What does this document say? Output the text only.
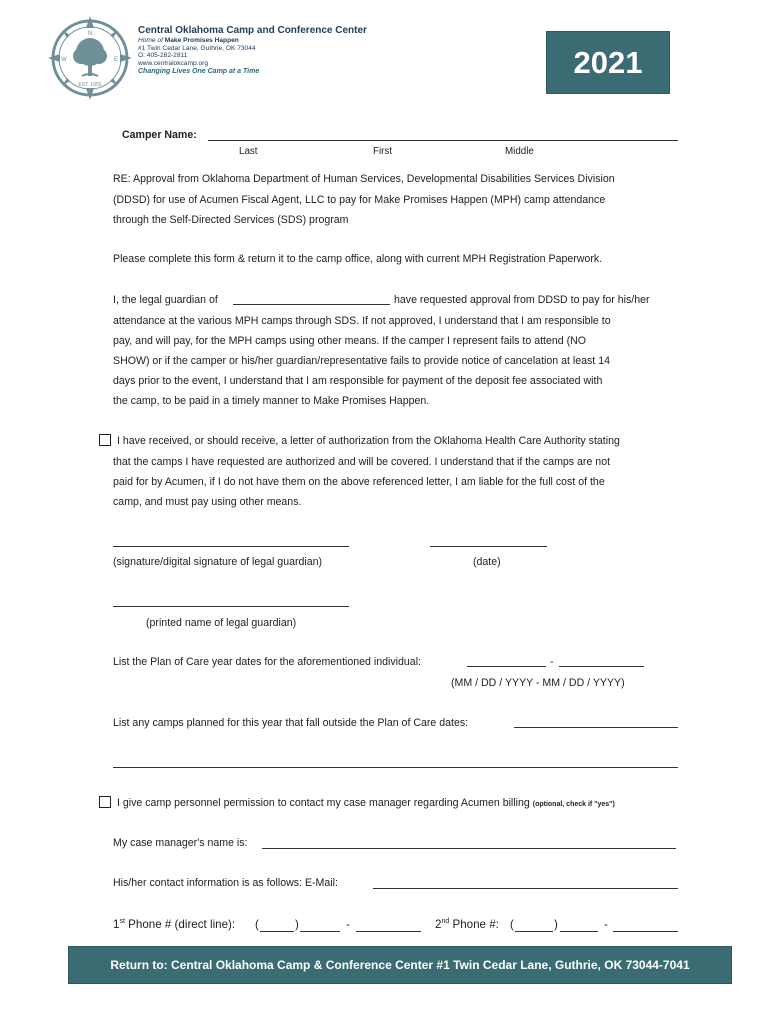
N
W	E
EST. 1955
Central Oklahoma Camp and Conference Center
Home of Make Promises Happen
#1 Twin Cedar Lane, Guthrie, OK 73044
O: 405-282-2811
www.centralokcamp.org
Changing Lives One Camp at a Time	2021
Camper Name:
Last	First	Middle
RE: Approval from Oklahoma Department of Human Services, Developmental Disabilities Services Division
(DDSD) for use of Acumen Fiscal Agent, LLC to pay for Make Promises Happen (MPH) camp attendance
through the Self-Directed Services (SDS) program
Please complete this form & return it to the camp office, along with current MPH Registration Paperwork.
I, the legal guardian of	have requested approval from DDSD to pay for his/her
attendance at the various MPH camps through SDS. If not approved, I understand that I am responsible to
pay, and will pay, for the MPH camps using other means. If the camper I represent fails to attend (NO
SHOW) or if the camper or his/her guardian/representative fails to provide notice of cancelation at least 14
days prior to the event, I understand that I am responsible for payment of the deposit fee associated with
the camp, to be paid in a timely manner to Make Promises Happen.
I have received, or should receive, a letter of authorization from the Oklahoma Health Care Authority stating
that the camps I have requested are authorized and will be covered. I understand that if the camps are not
paid for by Acumen, if I do not have them on the above referenced letter, I am liable for the full cost of the
camp, and must pay using other means.
(signature/digital signature of legal guardian)	(date)
(printed name of legal guardian)
List the Plan of Care year dates for the aforementioned individual:	-
(MM / DD / YYYY - MM / DD / YYYY)
List any camps planned for this year that fall outside the Plan of Care dates:
I give camp personnel permission to contact my case manager regarding Acumen billing (optional, check if "yes")
My case manager's name is:
His/her contact information is as follows: E-Mail:
1st Phone # (direct line): (	)	-	2nd Phone #: (	)	-
Return to: Central Oklahoma Camp & Conference Center #1 Twin Cedar Lane, Guthrie, OK 73044-7041
